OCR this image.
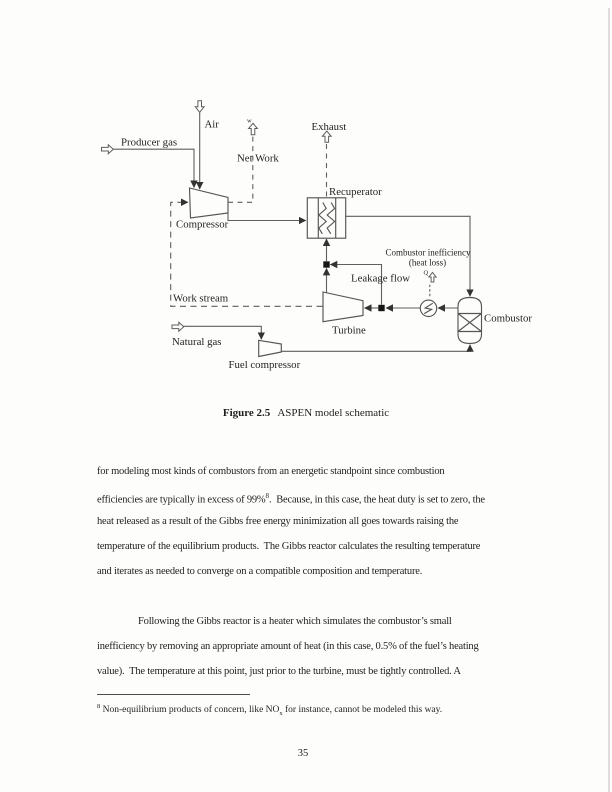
Producer gas
Air	w
Net Work
Exhaust
Recuperator
Compressor
Work stream
Turbine
Leakage flow
Combustor
Combustor inefficiency
(heat loss)
Q
Natural gas
Fuel compressor
Figure 2.5 ASPEN model schematic
for modeling most kinds of combustors from an energetic standpoint since combustion
efficiencies are typically in excess of 99%$^8$.  Because, in this case, the heat duty is set to zero, the
heat released as a result of the Gibbs free energy minimization all goes towards raising the
temperature of the equilibrium products.  The Gibbs reactor calculates the resulting temperature
and iterates as needed to converge on a compatible composition and temperature.
Following the Gibbs reactor is a heater which simulates the combustor’s small
inefficiency by removing an appropriate amount of heat (in this case, 0.5% of the fuel’s heating
value).  The temperature at this point, just prior to the turbine, must be tightly controlled. A
$^8$ Non-equilibrium products of concern, like $NO_x$ for instance, cannot be modeled this way.
35
